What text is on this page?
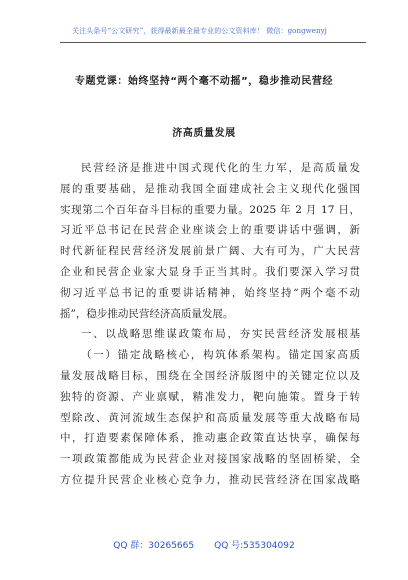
关注头条号“公文研究”，获得最新最全最专业的公文资料库！ 微信：gongwenyj
专题党课：始终坚持“两个毫不动摇”，稳步推动民营经
济高质量发展
民营经济是推进中国式现代化的生力军，是高质量发
展的重要基础，是推动我国全面建成社会主义现代化强国
实现第二个百年奋斗目标的重要力量。2025 年 2 月 17 日，
习近平总书记在民营企业座谈会上的重要讲话中强调，新
时代新征程民营经济发展前景广阔、大有可为，广大民营
企业和民营企业家大显身手正当其时。我们要深入学习贯
彻习近平总书记的重要讲话精神，始终坚持“两个毫不动
摇”，稳步推动民营经济高质量发展。
一、以战略思维谋政策布局，夯实民营经济发展根基
（一）锚定战略核心，构筑体系架构。锚定国家高质
量发展战略目标，围绕在全国经济版图中的关键定位以及
独特的资源、产业禀赋，精准发力，靶向施策。置身于转
型除改、黄河流域生态保护和高质量发展等重大战略布局
中，打造要素保障体系，推动惠企政策直达快享，确保每
一项政策都能成为民营企业对接国家战略的坚固桥梁，全
方位提升民营企业核心竞争力，推动民营经济在国家战略
QQ 群：30265665 QQ 号:535304092
